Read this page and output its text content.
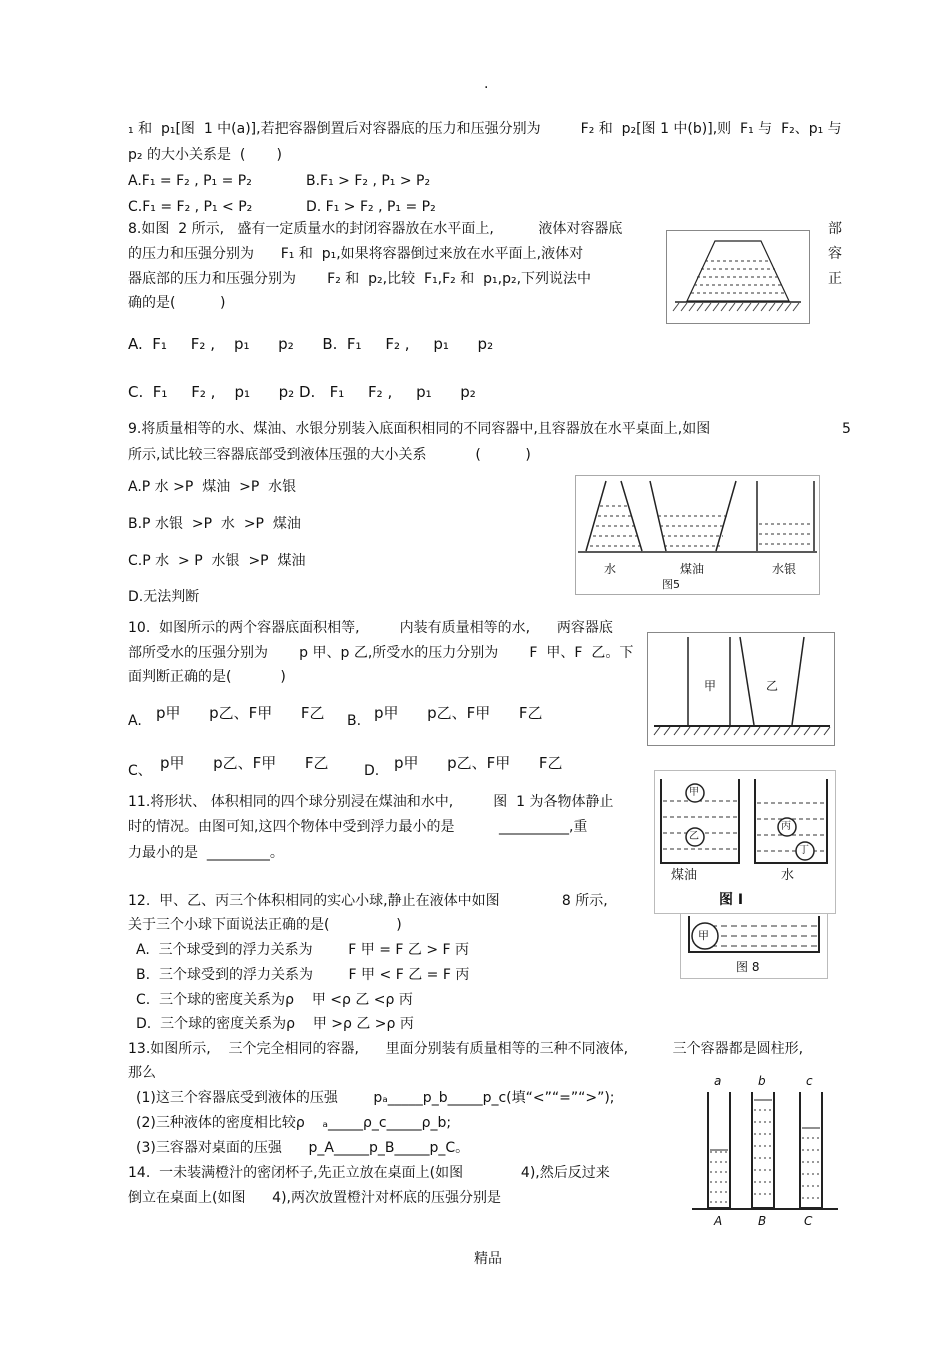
.
₁ 和  p₁[图  1 中(a)],若把容器倒置后对容器底的压力和压强分别为         F₂ 和  p₂[图 1 中(b)],则  F₁ 与  F₂、p₁ 与
p₂ 的大小关系是  (       )
A.F₁ = F₂ , P₁ = P₂	B.F₁ > F₂ , P₁ > P₂
C.F₁ = F₂ , P₁ < P₂	D. F₁ > F₂ , P₁ = P₂
8.如图  2 所示,   盛有一定质量水的封闭容器放在水平面上,          液体对容器底	部
的压力和压强分别为      F₁ 和  p₁,如果将容器倒过来放在水平面上,液体对	容
器底部的压力和压强分别为       F₂ 和  p₂,比较  F₁,F₂ 和  p₁,p₂,下列说法中	正
确的是(          )
A.  F₁     F₂ ,    p₁      p₂      B.  F₁     F₂ ,     p₁      p₂
C.  F₁     F₂ ,    p₁      p₂ D.   F₁     F₂ ,     p₁      p₂
9.将质量相等的水、煤油、水银分别装入底面积相同的不同容器中,且容器放在水平桌面上,如图	5
所示,试比较三容器底部受到液体压强的大小关系           (          )
A.P 水 >P  煤油  >P  水银
B.P 水银  >P  水  >P  煤油
C.P 水  > P  水银  >P  煤油
D.无法判断
水	煤油	水银
图5
10.  如图所示的两个容器底面积相等,         内装有质量相等的水,      两容器底
部所受水的压强分别为       p 甲、p 乙,所受水的压力分别为       F  甲、F  乙。下
面判断正确的是(           )
A. p甲      p乙、F甲      F乙 B. p甲      p乙、F甲      F乙
C、 p甲      p乙、F甲      F乙	D. p甲      p乙、F甲      F乙
甲	乙
11.将形状、 体积相同的四个球分别浸在煤油和水中,         图  1 为各物体静止
时的情况。由图可知,这四个物体中受到浮力最小的是          __________,重
力最小的是  _________。
甲
乙
丙
丁
煤油	水
图 I
12.  甲、乙、丙三个体积相同的实心小球,静止在液体中如图              8 所示,
关于三个小球下面说法正确的是(               )
A.  三个球受到的浮力关系为        F 甲 = F 乙 > F 丙
B.  三个球受到的浮力关系为        F 甲 < F 乙 = F 丙
C.  三个球的密度关系为ρ    甲 <ρ 乙 <ρ 丙
D.  三个球的密度关系为ρ    甲 >ρ 乙 >ρ 丙
甲
图 8
13.如图所示,    三个完全相同的容器,      里面分别装有质量相等的三种不同液体,          三个容器都是圆柱形,
那么
(1)这三个容器底受到液体的压强        pₐ_____p_b_____p_c(填“<”“=”“>”);
(2)三种液体的密度相比较ρ    ₐ_____ρ_c_____ρ_b;
(3)三容器对桌面的压强      p_A_____p_B_____p_C。
a	b	c
A	B	C
14.  一未装满橙汁的密闭杯子,先正立放在桌面上(如图             4),然后反过来
倒立在桌面上(如图      4),两次放置橙汁对杯底的压强分别是
精品
